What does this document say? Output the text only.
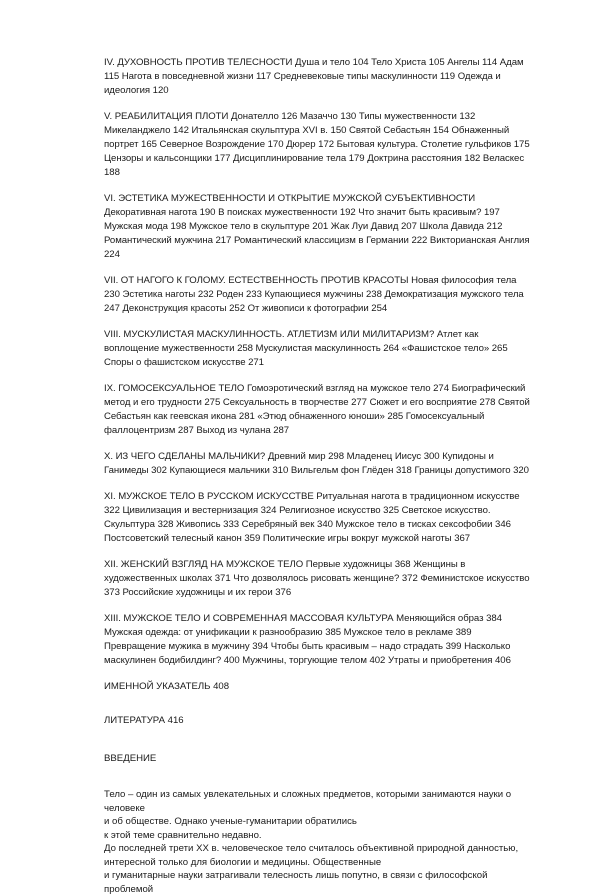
IV. ДУХОВНОСТЬ ПРОТИВ ТЕЛЕСНОСТИ Душа и тело 104 Тело Христа 105 Ангелы 114 Адам 115 Нагота в повседневной жизни 117 Средневековые типы маскулинности 119 Одежда и идеология 120

V. РЕАБИЛИТАЦИЯ ПЛОТИ Донателло 126 Мазаччо 130 Типы мужественности 132 Микеланджело 142 Итальянская скульптура XVI в. 150 Святой Себастьян 154 Обнаженный портрет 165 Северное Возрождение 170 Дюрер 172 Бытовая культура. Столетие гульфиков 175 Цензоры и кальсонщики 177 Дисциплинирование тела 179 Доктрина расстояния 182 Веласкес 188

VI. ЭСТЕТИКА МУЖЕСТВЕННОСТИ И ОТКРЫТИЕ МУЖСКОЙ СУБЪЕКТИВНОСТИ Декоративная нагота 190 В поисках мужественности 192 Что значит быть красивым? 197 Мужская мода 198 Мужское тело в скульптуре 201 Жак Луи Давид 207 Школа Давида 212 Романтический мужчина 217 Романтический классицизм в Германии 222 Викторианская Англия 224

VII. ОТ НАГОГО К ГОЛОМУ. ЕСТЕСТВЕННОСТЬ ПРОТИВ КРАСОТЫ Новая философия тела 230 Эстетика наготы 232 Роден 233 Купающиеся мужчины 238 Демократизация мужского тела 247 Деконструкция красоты 252 От живописи к фотографии 254

VIII. МУСКУЛИСТАЯ МАСКУЛИННОСТЬ. АТЛЕТИЗМ ИЛИ МИЛИТАРИЗМ? Атлет как воплощение мужественности 258 Мускулистая маскулинность 264 «Фашистское тело» 265 Споры о фашистском искусстве 271

IX. ГОМОСЕКСУАЛЬНОЕ ТЕЛО Гомоэротический взгляд на мужское тело 274 Биографический метод и его трудности 275 Сексуальность в творчестве 277 Сюжет и его восприятие 278 Святой Себастьян как геевская икона 281 «Этюд обнаженного юноши» 285 Гомосексуальный фаллоцентризм 287 Выход из чулана 287

X. ИЗ ЧЕГО СДЕЛАНЫ МАЛЬЧИКИ? Древний мир 298 Младенец Иисус 300 Купидоны и Ганимеды 302 Купающиеся мальчики 310 Вильгельм фон Глёден 318 Границы допустимого 320

XI. МУЖСКОЕ ТЕЛО В РУССКОМ ИСКУССТВЕ Ритуальная нагота в традиционном искусстве 322 Цивилизация и вестернизация 324 Религиозное искусство 325 Светское искусство. Скульптура 328 Живопись 333 Серебряный век 340 Мужское тело в тисках сексофобии 346 Постсоветский телесный канон 359 Политические игры вокруг мужской наготы 367

XII. ЖЕНСКИЙ ВЗГЛЯД НА МУЖСКОЕ ТЕЛО Первые художницы 368 Женщины в художественных школах 371 Что дозволялось рисовать женщине? 372 Феминистское искусство 373 Российские художницы и их герои 376

XIII. МУЖСКОЕ ТЕЛО И СОВРЕМЕННАЯ МАССОВАЯ КУЛЬТУРА Меняющийся образ 384 Мужская одежда: от унификации к разнообразию 385 Мужское тело в рекламе 389 Превращение мужика в мужчину 394 Чтобы быть красивым – надо страдать 399 Насколько маскулинен бодибилдинг? 400 Мужчины, торгующие телом 402 Утраты и приобретения 406

ИМЕННОЙ УКАЗАТЕЛЬ 408

ЛИТЕРАТУРА 416

ВВЕДЕНИЕ

Тело – один из самых увлекательных и сложных предметов, которыми занимаются науки о человеке
и об обществе. Однако ученые-гуманитарии обратились
к этой теме сравнительно недавно.
До последней трети XX в. человеческое тело считалось объективной природной данностью,
интересной только для биологии и медицины. Общественные
и гуманитарные науки затрагивали телесность лишь попутно, в связи с философской проблемой
